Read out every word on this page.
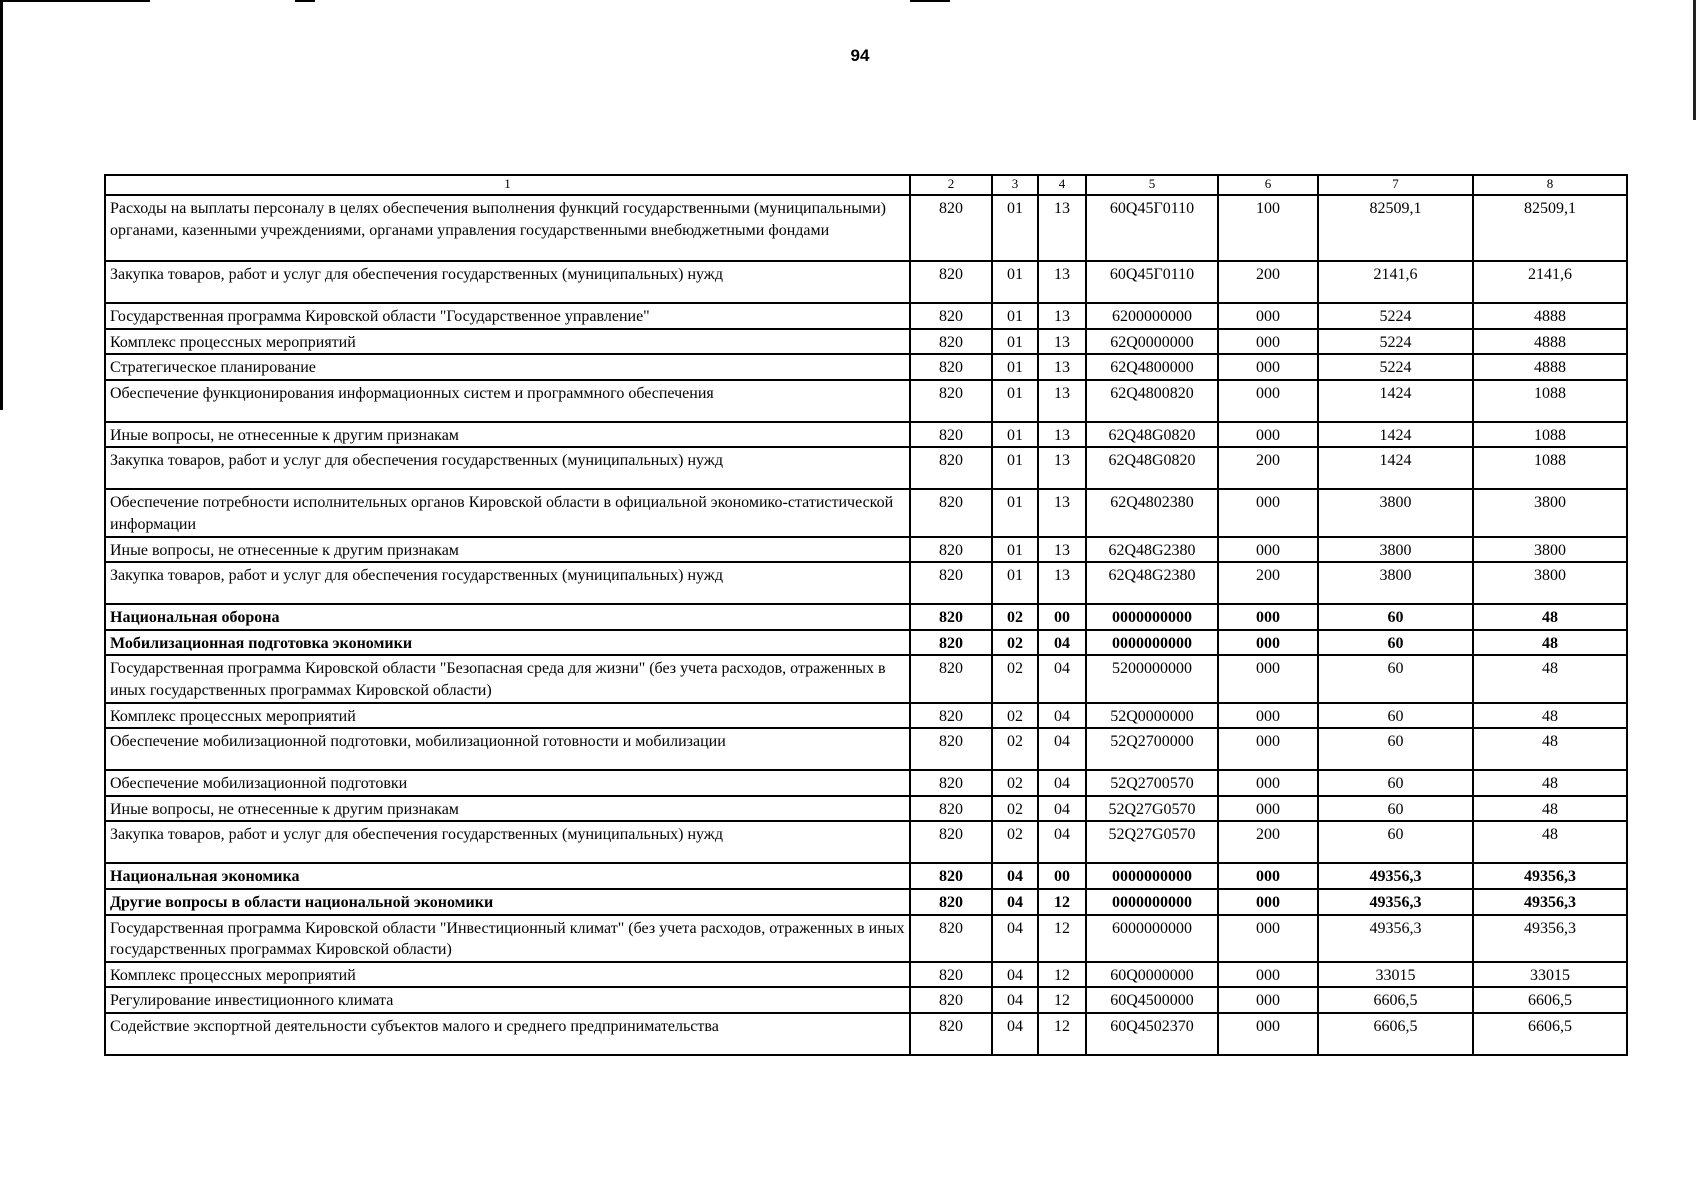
94
1	2	3	4	5	6	7	8
Расходы на выплаты персоналу в целях обеспечения выполнения функций государственными (муниципальными) органами, казенными учреждениями, органами управления государственными внебюджетными фондами	820	01	13	60Q45Г0110	100	82509,1	82509,1
Закупка товаров, работ и услуг для обеспечения государственных (муниципальных) нужд	820	01	13	60Q45Г0110	200	2141,6	2141,6
Государственная программа Кировской области "Государственное управление"	820	01	13	6200000000	000	5224	4888
Комплекс процессных мероприятий	820	01	13	62Q0000000	000	5224	4888
Стратегическое планирование	820	01	13	62Q4800000	000	5224	4888
Обеспечение функционирования информационных систем и программного обеспечения	820	01	13	62Q4800820	000	1424	1088
Иные вопросы, не отнесенные к другим признакам	820	01	13	62Q48G0820	000	1424	1088
Закупка товаров, работ и услуг для обеспечения государственных (муниципальных) нужд	820	01	13	62Q48G0820	200	1424	1088
Обеспечение потребности исполнительных органов Кировской области в официальной экономико-статистической информации	820	01	13	62Q4802380	000	3800	3800
Иные вопросы, не отнесенные к другим признакам	820	01	13	62Q48G2380	000	3800	3800
Закупка товаров, работ и услуг для обеспечения государственных (муниципальных) нужд	820	01	13	62Q48G2380	200	3800	3800
Национальная оборона	820	02	00	0000000000	000	60	48
Мобилизационная подготовка экономики	820	02	04	0000000000	000	60	48
Государственная программа Кировской области "Безопасная среда для жизни" (без учета расходов, отраженных в иных государственных программах Кировской области)	820	02	04	5200000000	000	60	48
Комплекс процессных мероприятий	820	02	04	52Q0000000	000	60	48
Обеспечение мобилизационной подготовки, мобилизационной готовности и мобилизации	820	02	04	52Q2700000	000	60	48
Обеспечение мобилизационной подготовки	820	02	04	52Q2700570	000	60	48
Иные вопросы, не отнесенные к другим признакам	820	02	04	52Q27G0570	000	60	48
Закупка товаров, работ и услуг для обеспечения государственных (муниципальных) нужд	820	02	04	52Q27G0570	200	60	48
Национальная экономика	820	04	00	0000000000	000	49356,3	49356,3
Другие вопросы в области национальной экономики	820	04	12	0000000000	000	49356,3	49356,3
Государственная программа Кировской области "Инвестиционный климат" (без учета расходов, отраженных в иных государственных программах Кировской области)	820	04	12	6000000000	000	49356,3	49356,3
Комплекс процессных мероприятий	820	04	12	60Q0000000	000	33015	33015
Регулирование инвестиционного климата	820	04	12	60Q4500000	000	6606,5	6606,5
Содействие экспортной деятельности субъектов малого и среднего предпринимательства	820	04	12	60Q4502370	000	6606,5	6606,5
